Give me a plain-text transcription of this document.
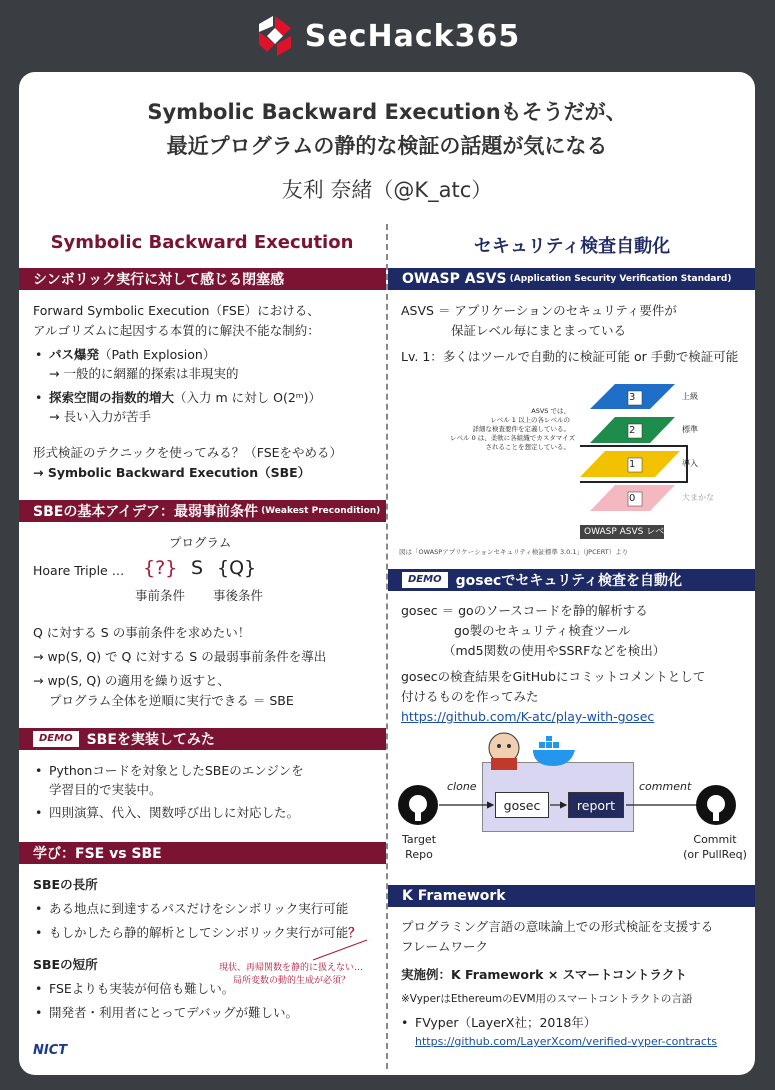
SecHack365
Symbolic Backward Executionもそうだが、
最近プログラムの静的な検証の話題が気になる
友利 奈緒（@K_atc）
Symbolic Backward Execution
シンボリック実行に対して感じる閉塞感
Forward Symbolic Execution（FSE）における、
アルゴリズムに起因する本質的に解決不能な制約：
• パス爆発（Path Explosion）
→ 一般的に網羅的探索は非現実的
• 探索空間の指数的増大（入力 m に対し O(2ᵐ)）
→ 長い入力が苦手
形式検証のテクニックを使ってみる？（FSEをやめる）
→ Symbolic Backward Execution（SBE）
SBEの基本アイデア：最弱事前条件 (Weakest Precondition)
プログラム
Hoare Triple … {?} S {Q}
事前条件 事後条件
Q に対する S の事前条件を求めたい！
→ wp(S, Q) で Q に対する S の最弱事前条件を導出
→ wp(S, Q) の適用を繰り返すと、
プログラム全体を逆順に実行できる ＝ SBE
DEMO	SBEを実装してみた
• Pythonコードを対象としたSBEのエンジンを
学習目的で実装中。
• 四則演算、代入、関数呼び出しに対応した。
学び：FSE vs SBE
SBEの長所
• ある地点に到達するパスだけをシンボリック実行可能
• もしかしたら静的解析としてシンボリック実行が可能？
現状、再帰関数を静的に扱えない…
局所変数の動的生成が必須？
SBEの短所
• FSEよりも実装が何倍も難しい。
• 開発者・利用者にとってデバッグが難しい。
NICT
セキュリティ検査自動化
OWASP ASVS (Application Security Verification Standard)
ASVS ＝ アプリケーションのセキュリティ要件が
保証レベル毎にまとまっている
Lv. 1：多くはツールで自動的に検証可能 or 手動で検証可能
ASVS では、
レベル 1 以上の各レベルの
詳細な検査要件を定義している。
レベル 0 は、柔軟に各組織でカスタマイズ
されることを想定している。
3
2
1
0
上級
標準
導入
大まかな
OWASP ASVS レベル
図は「OWASPアプリケーションセキュリティ検証標準 3.0.1」（JPCERT）より
DEMO	gosecでセキュリティ検査を自動化
gosec ＝ goのソースコードを静的解析する
go製のセキュリティ検査ツール
（md5関数の使用やSSRFなどを検出）
gosecの検査結果をGitHubにコミットコメントとして
付けるものを作ってみた
https://github.com/K-atc/play-with-gosec
gosec	report
clone	comment
Target
Repo
Commit
(or PullReq)
K Framework
プログラミング言語の意味論上での形式検証を支援する
フレームワーク
実施例：K Framework × スマートコントラクト
※VyperはEthereumのEVM用のスマートコントラクトの言語
• FVyper（LayerX社；2018年）
https://github.com/LayerXcom/verified-vyper-contracts
